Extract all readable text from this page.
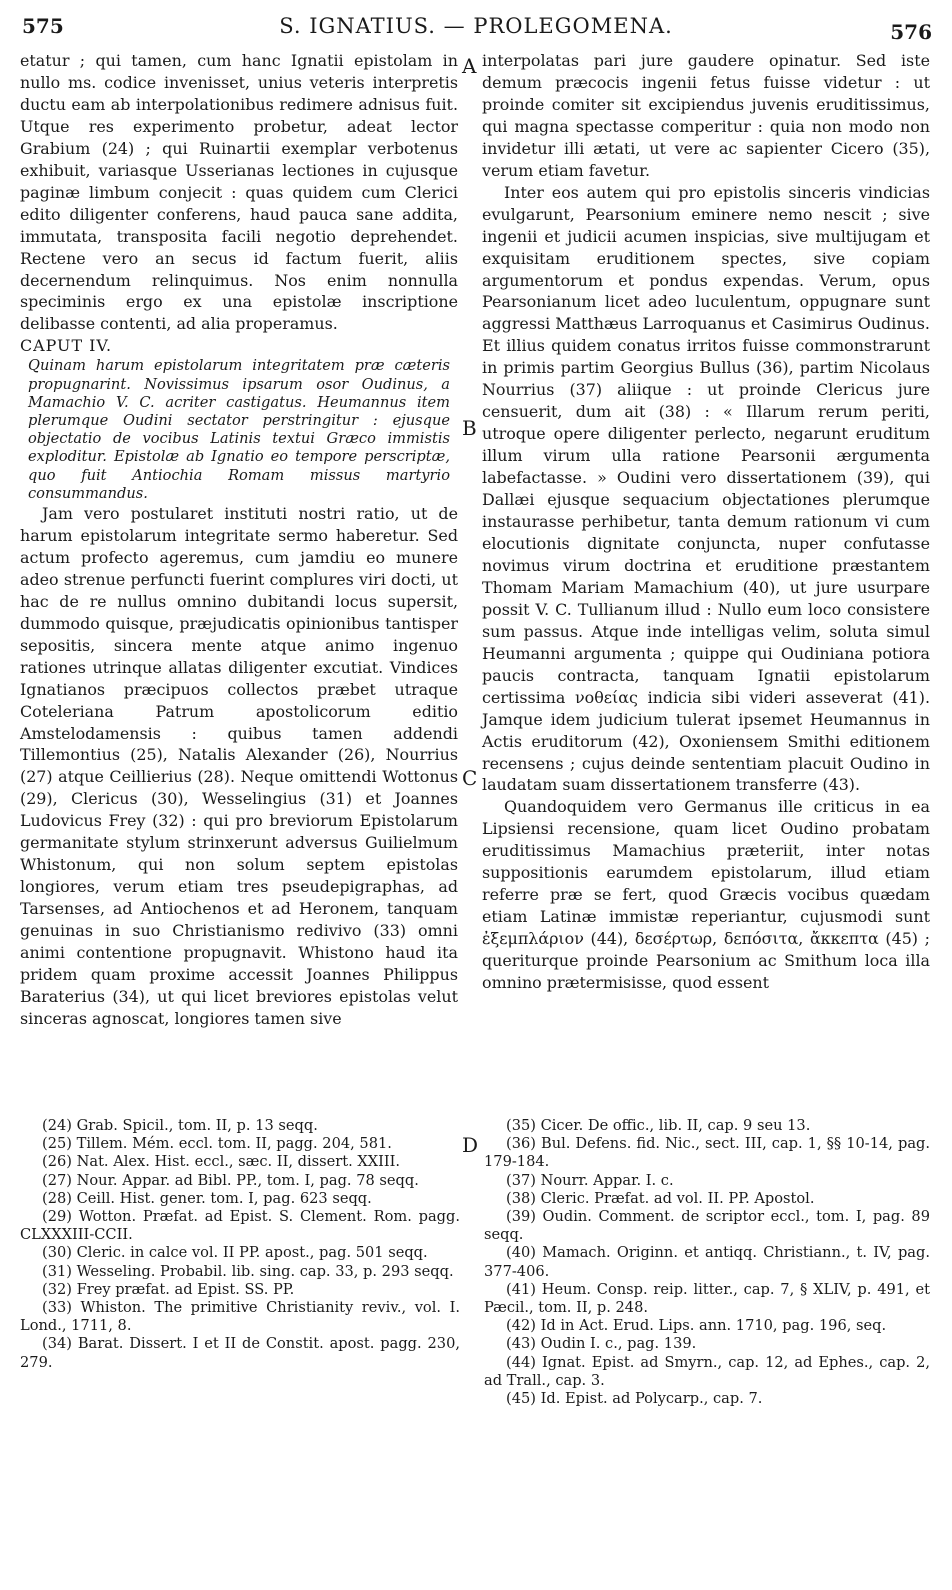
575	S. IGNATIUS. — PROLEGOMENA.	576

etatur ; qui tamen, cum hanc Ignatii epistolam in nullo ms. codice invenisset, unius veteris interpretis ductu eam ab interpolationibus redimere adnisus fuit. Utque res experimento probetur, adeat lector Grabium (24) ; qui Ruinartii exemplar verbotenus exhibuit, variasque Usserianas lectiones in cujusque paginæ limbum conjecit : quas quidem cum Clerici edito diligenter conferens, haud pauca sane addita, immutata, transposita facili negotio deprehendet. Rectene vero an secus id factum fuerit, aliis decernendum relinquimus. Nos enim nonnulla speciminis ergo ex una epistolæ inscriptione delibasse contenti, ad alia properamus.

CAPUT IV.

Quinam harum epistolarum integritatem præ cæteris propugnarint. Novissimus ipsarum osor Oudinus, a Mamachio V. C. acriter castigatus. Heumannus item plerumque Oudini sectator perstringitur : ejusque objectatio de vocibus Latinis textui Græco immistis exploditur. Epistolæ ab Ignatio eo tempore perscriptæ, quo fuit Antiochia Romam missus martyrio consummandus.

Jam vero postularet instituti nostri ratio, ut de harum epistolarum integritate sermo haberetur. Sed actum profecto ageremus, cum jamdiu eo munere adeo strenue perfuncti fuerint complures viri docti, ut hac de re nullus omnino dubitandi locus supersit, dummodo quisque, præjudicatis opinionibus tantisper sepositis, sincera mente atque animo ingenuo rationes utrinque allatas diligenter excutiat. Vindices Ignatianos præcipuos collectos præbet utraque Coteleriana Patrum apostolicorum editio Amstelodamensis : quibus tamen addendi Tillemontius (25), Natalis Alexander (26), Nourrius (27) atque Ceillierius (28). Neque omittendi Wottonus (29), Clericus (30), Wesselingius (31) et Joannes Ludovicus Frey (32) : qui pro breviorum Epistolarum germanitate stylum strinxerunt adversus Guilielmum Whistonum, qui non solum septem epistolas longiores, verum etiam tres pseudepigraphas, ad Tarsenses, ad Antiochenos et ad Heronem, tanquam genuinas in suo Christianismo redivivo (33) omni animi contentione propugnavit. Whistono haud ita pridem quam proxime accessit Joannes Philippus Baraterius (34), ut qui licet breviores epistolas velut sinceras agnoscat, longiores tamen sive

A
B
C
D

interpolatas pari jure gaudere opinatur. Sed iste demum præcocis ingenii fetus fuisse videtur : ut proinde comiter sit excipiendus juvenis eruditissimus, qui magna spectasse comperitur : quia non modo non invidetur illi ætati, ut vere ac sapienter Cicero (35), verum etiam favetur.

Inter eos autem qui pro epistolis sinceris vindicias evulgarunt, Pearsonium eminere nemo nescit ; sive ingenii et judicii acumen inspicias, sive multijugam et exquisitam eruditionem spectes, sive copiam argumentorum et pondus expendas. Verum, opus Pearsonianum licet adeo luculentum, oppugnare sunt aggressi Matthæus Larroquanus et Casimirus Oudinus. Et illius quidem conatus irritos fuisse commonstrarunt in primis partim Georgius Bullus (36), partim Nicolaus Nourrius (37) aliique : ut proinde Clericus jure censuerit, dum ait (38) : « Illarum rerum periti, utroque opere diligenter perlecto, negarunt eruditum illum virum ulla ratione Pearsonii ærgumenta labefactasse. » Oudini vero dissertationem (39), qui Dallæi ejusque sequacium objectationes plerumque instaurasse perhibetur, tanta demum rationum vi cum elocutionis dignitate conjuncta, nuper confutasse novimus virum doctrina et eruditione præstantem Thomam Mariam Mamachium (40), ut jure usurpare possit V. C. Tullianum illud : Nullo eum loco consistere sum passus. Atque inde intelligas velim, soluta simul Heumanni argumenta ; quippe qui Oudiniana potiora paucis contracta, tanquam Ignatii epistolarum certissima νοθείας indicia sibi videri asseverat (41). Jamque idem judicium tulerat ipsemet Heumannus in Actis eruditorum (42), Oxoniensem Smithi editionem recensens ; cujus deinde sententiam placuit Oudino in laudatam suam dissertationem transferre (43).

Quandoquidem vero Germanus ille criticus in ea Lipsiensi recensione, quam licet Oudino probatam eruditissimus Mamachius præteriit, inter notas suppositionis earumdem epistolarum, illud etiam referre præ se fert, quod Græcis vocibus quædam etiam Latinæ immistæ reperiantur, cujusmodi sunt ἐξεμπλάριον (44), δεσέρτωρ, δεπόσιτα, ἄκκεπτα (45) ; queriturque proinde Pearsonium ac Smithum loca illa omnino prætermisisse, quod essent

(24) Grab. Spicil., tom. II, p. 13 seqq.

(25) Tillem. Mém. eccl. tom. II, pagg. 204, 581.

(26) Nat. Alex. Hist. eccl., sæc. II, dissert. XXIII.

(27) Nour. Appar. ad Bibl. PP., tom. I, pag. 78 seqq.

(28) Ceill. Hist. gener. tom. I, pag. 623 seqq.

(29) Wotton. Præfat. ad Epist. S. Clement. Rom. pagg. CLXXXIII-CCII.

(30) Cleric. in calce vol. II PP. apost., pag. 501 seqq.

(31) Wesseling. Probabil. lib. sing. cap. 33, p. 293 seqq.

(32) Frey præfat. ad Epist. SS. PP.

(33) Whiston. The primitive Christianity reviv., vol. I. Lond., 1711, 8.

(34) Barat. Dissert. I et II de Constit. apost. pagg. 230, 279.

(35) Cicer. De offic., lib. II, cap. 9 seu 13.

(36) Bul. Defens. fid. Nic., sect. III, cap. 1, §§ 10-14, pag. 179-184.

(37) Nourr. Appar. I. c.

(38) Cleric. Præfat. ad vol. II. PP. Apostol.

(39) Oudin. Comment. de scriptor eccl., tom. I, pag. 89 seqq.

(40) Mamach. Originn. et antiqq. Christiann., t. IV, pag. 377-406.

(41) Heum. Consp. reip. litter., cap. 7, § XLIV, p. 491, et Pæcil., tom. II, p. 248.

(42) Id in Act. Erud. Lips. ann. 1710, pag. 196, seq.

(43) Oudin I. c., pag. 139.

(44) Ignat. Epist. ad Smyrn., cap. 12, ad Ephes., cap. 2, ad Trall., cap. 3.

(45) Id. Epist. ad Polycarp., cap. 7.
